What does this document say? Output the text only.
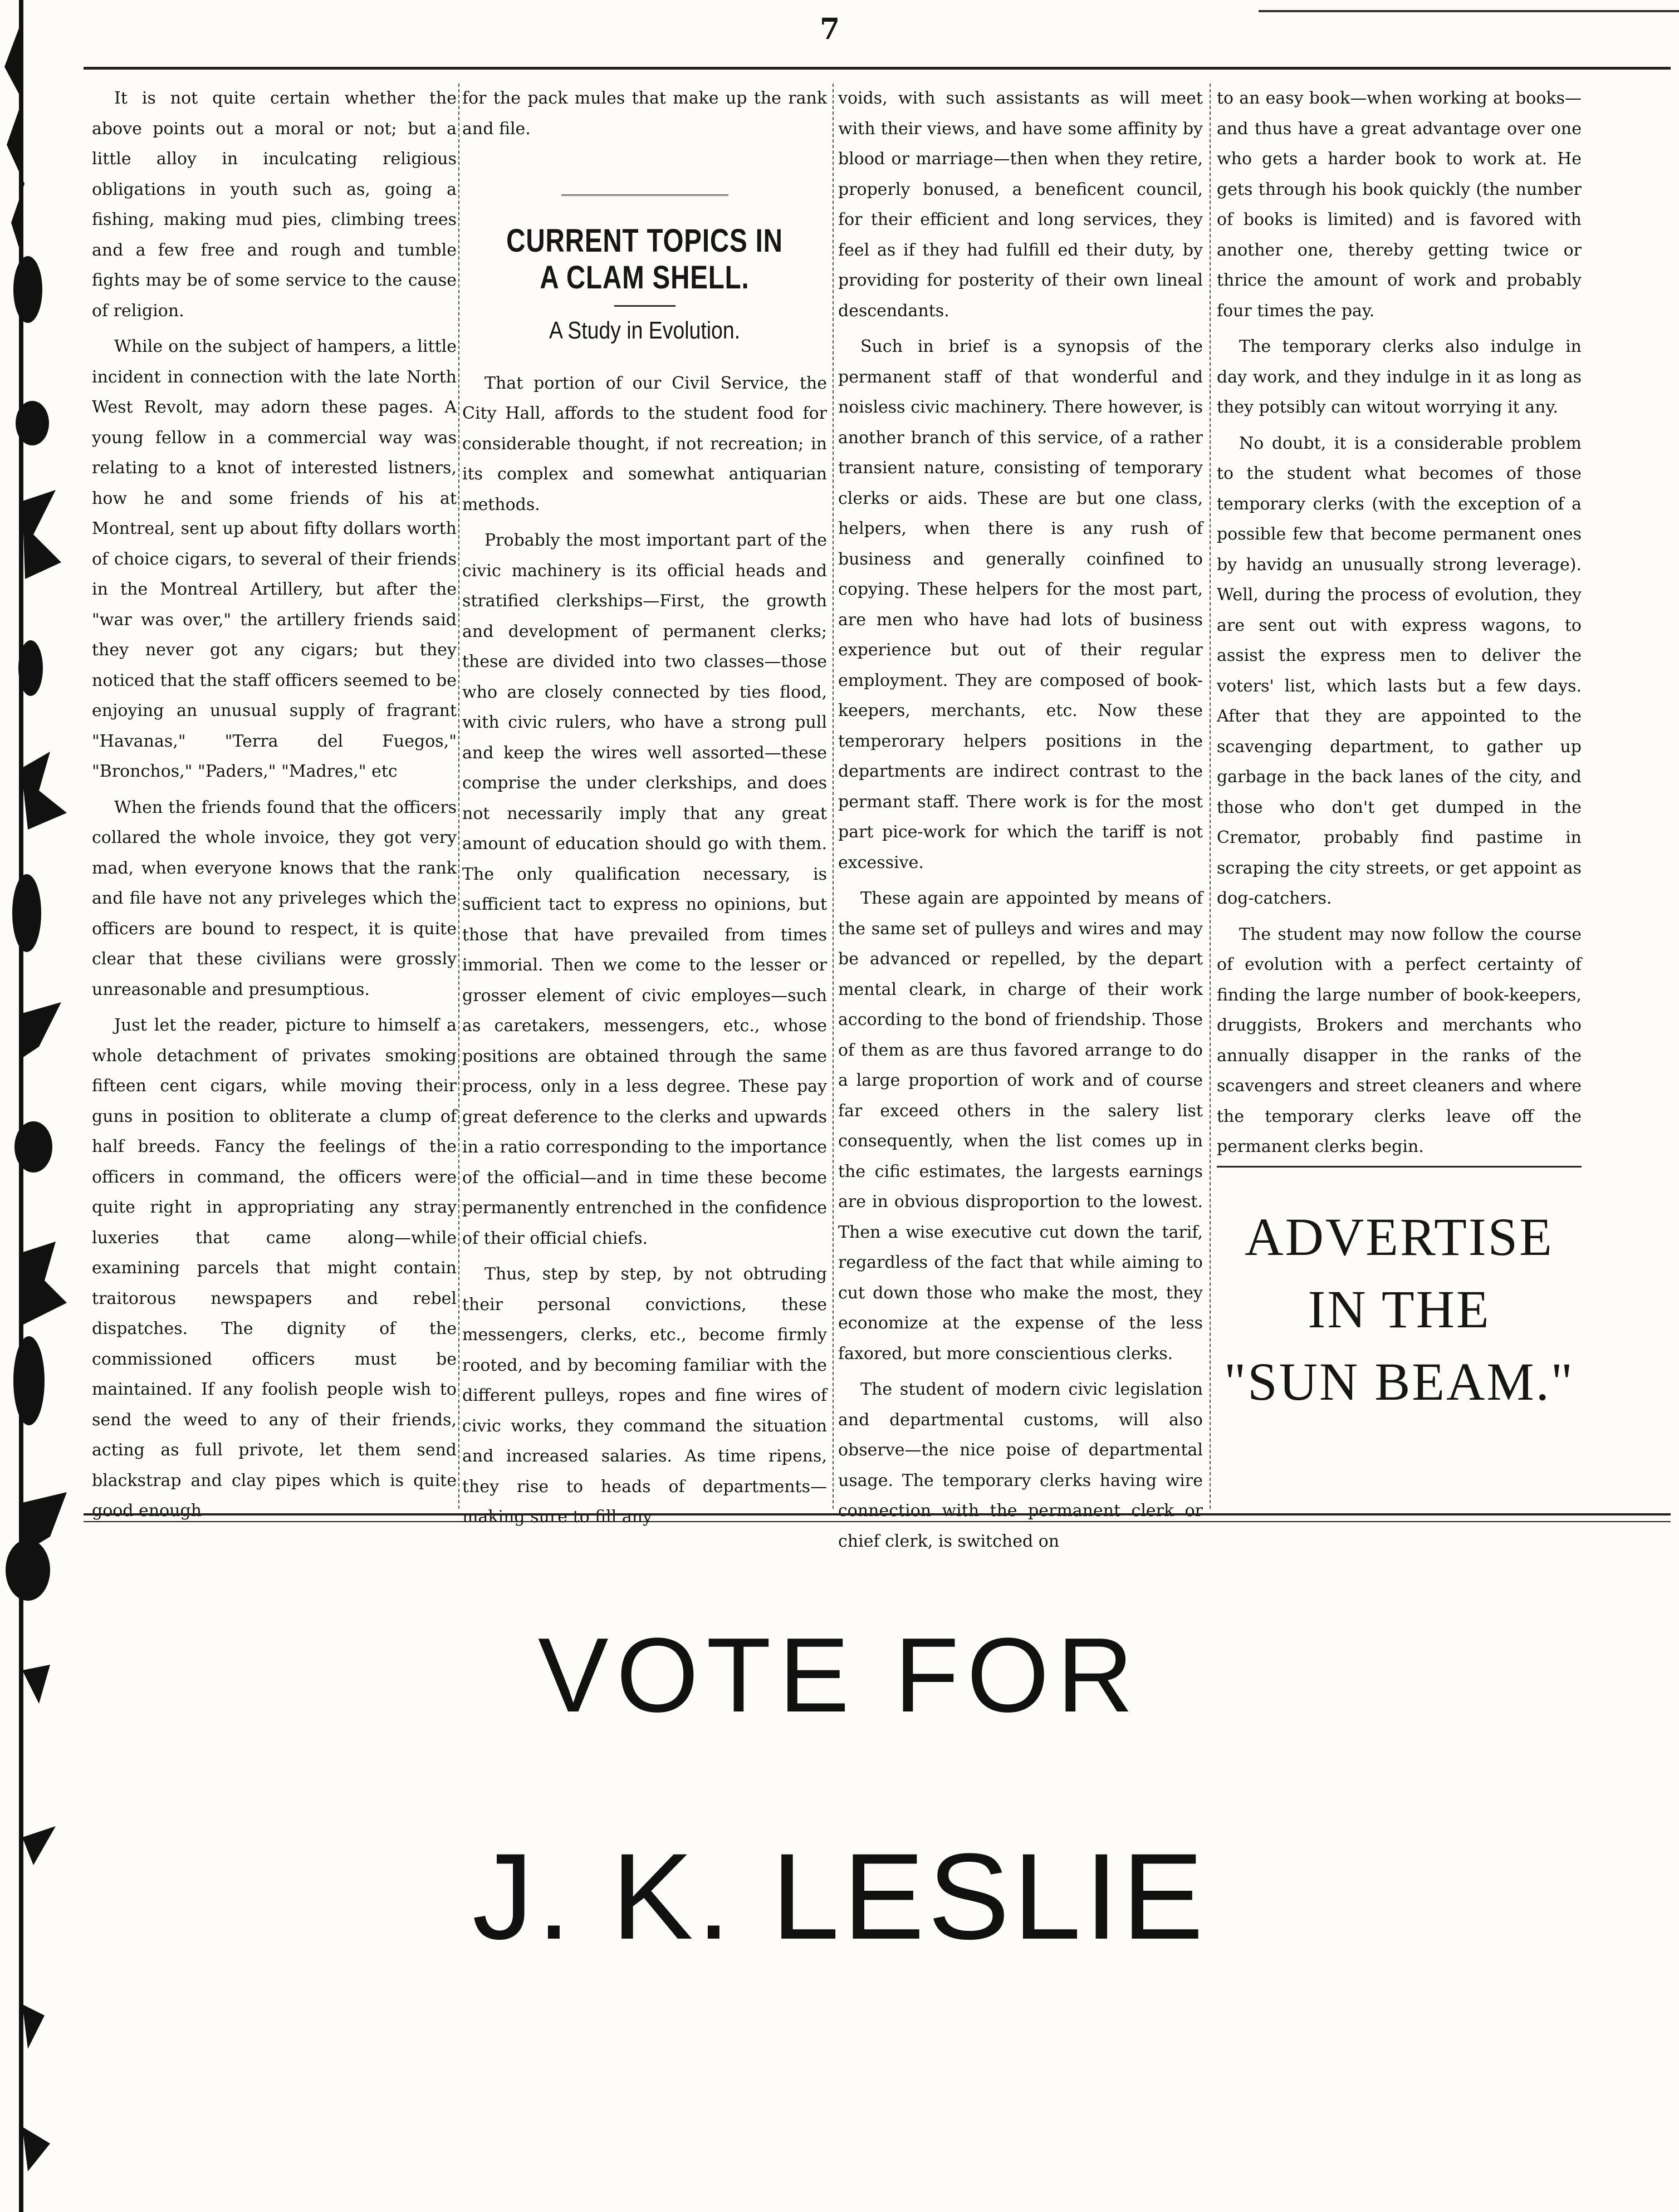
7

It is not quite certain whether the above points out a moral or not; but a little alloy in inculcating religious obligations in youth such as, going a fishing, making mud pies, climbing trees and a few free and rough and tumble fights may be of some service to the cause of religion.

While on the subject of hampers, a little incident in connection with the late North West Revolt, may adorn these pages. A young fellow in a commercial way was relating to a knot of interested listners, how he and some friends of his at Montreal, sent up about fifty dollars worth of choice cigars, to several of their friends in the Montreal Artillery, but after the "war was over," the artillery friends said they never got any cigars; but they noticed that the staff officers seemed to be enjoying an unusual supply of fragrant "Havanas," "Terra del Fuegos," "Bronchos," "Paders," "Madres," etc

When the friends found that the officers collared the whole invoice, they got very mad, when everyone knows that the rank and file have not any priveleges which the officers are bound to respect, it is quite clear that these civilians were grossly unreasonable and presumptious.

Just let the reader, picture to himself a whole detachment of privates smoking fifteen cent cigars, while moving their guns in position to obliterate a clump of half breeds. Fancy the feelings of the officers in command, the officers were quite right in appropriating any stray luxeries that came along—while examining parcels that might contain traitorous newspapers and rebel dispatches. The dignity of the commissioned officers must be maintained. If any foolish people wish to send the weed to any of their friends, acting as full privote, let them send blackstrap and clay pipes which is quite good enough

for the pack mules that make up the rank and file.

CURRENT TOPICS IN A CLAM SHELL.
A Study in Evolution.

That portion of our Civil Service, the City Hall, affords to the student food for considerable thought, if not recreation; in its complex and somewhat antiquarian methods.

Probably the most important part of the civic machinery is its official heads and stratified clerkships—First, the growth and development of permanent clerks; these are divided into two classes—those who are closely connected by ties flood, with civic rulers, who have a strong pull and keep the wires well assorted—these comprise the under clerkships, and does not necessarily imply that any great amount of education should go with them. The only qualification necessary, is sufficient tact to express no opinions, but those that have prevailed from times immorial. Then we come to the lesser or grosser element of civic employes—such as caretakers, messengers, etc., whose positions are obtained through the same process, only in a less degree. These pay great deference to the clerks and upwards in a ratio corresponding to the importance of the official—and in time these become permanently entrenched in the confidence of their official chiefs.

Thus, step by step, by not obtruding their personal convictions, these messengers, clerks, etc., become firmly rooted, and by becoming familiar with the different pulleys, ropes and fine wires of civic works, they command the situation and increased salaries. As time ripens, they rise to heads of departments—making sure to fill any

voids, with such assistants as will meet with their views, and have some affinity by blood or marriage—then when they retire, properly bonused, a beneficent council, for their efficient and long services, they feel as if they had fulfill ed their duty, by providing for posterity of their own lineal descendants.

Such in brief is a synopsis of the permanent staff of that wonderful and noisless civic machinery. There however, is another branch of this service, of a rather transient nature, consisting of temporary clerks or aids. These are but one class, helpers, when there is any rush of business and generally coinfined to copying. These helpers for the most part, are men who have had lots of business experience but out of their regular employment. They are composed of book-keepers, merchants, etc. Now these temperorary helpers positions in the departments are indirect contrast to the permant staff. There work is for the most part pice-work for which the tariff is not excessive.

These again are appointed by means of the same set of pulleys and wires and may be advanced or repelled, by the depart mental cleark, in charge of their work according to the bond of friendship. Those of them as are thus favored arrange to do a large proportion of work and of course far exceed others in the salery list consequently, when the list comes up in the cific estimates, the largests earnings are in obvious disproportion to the lowest. Then a wise executive cut down the tarif, regardless of the fact that while aiming to cut down those who make the most, they economize at the expense of the less faxored, but more conscientious clerks.

The student of modern civic legislation and departmental customs, will also observe—the nice poise of departmental usage. The temporary clerks having wire connection with the permanent clerk or chief clerk, is switched on

to an easy book—when working at books—and thus have a great advantage over one who gets a harder book to work at. He gets through his book quickly (the number of books is limited) and is favored with another one, thereby getting twice or thrice the amount of work and probably four times the pay.

The temporary clerks also indulge in day work, and they indulge in it as long as they potsibly can witout worrying it any.

No doubt, it is a considerable problem to the student what becomes of those temporary clerks (with the exception of a possible few that become permanent ones by havidg an unusually strong leverage). Well, during the process of evolution, they are sent out with express wagons, to assist the express men to deliver the voters' list, which lasts but a few days. After that they are appointed to the scavenging department, to gather up garbage in the back lanes of the city, and those who don't get dumped in the Cremator, probably find pastime in scraping the city streets, or get appoint as dog-catchers.

The student may now follow the course of evolution with a perfect certainty of finding the large number of book-keepers, druggists, Brokers and merchants who annually disapper in the ranks of the scavengers and street cleaners and where the temporary clerks leave off the permanent clerks begin.

ADVERTISE
IN THE
"SUN BEAM."
VOTE FOR
J. K. LESLIE
